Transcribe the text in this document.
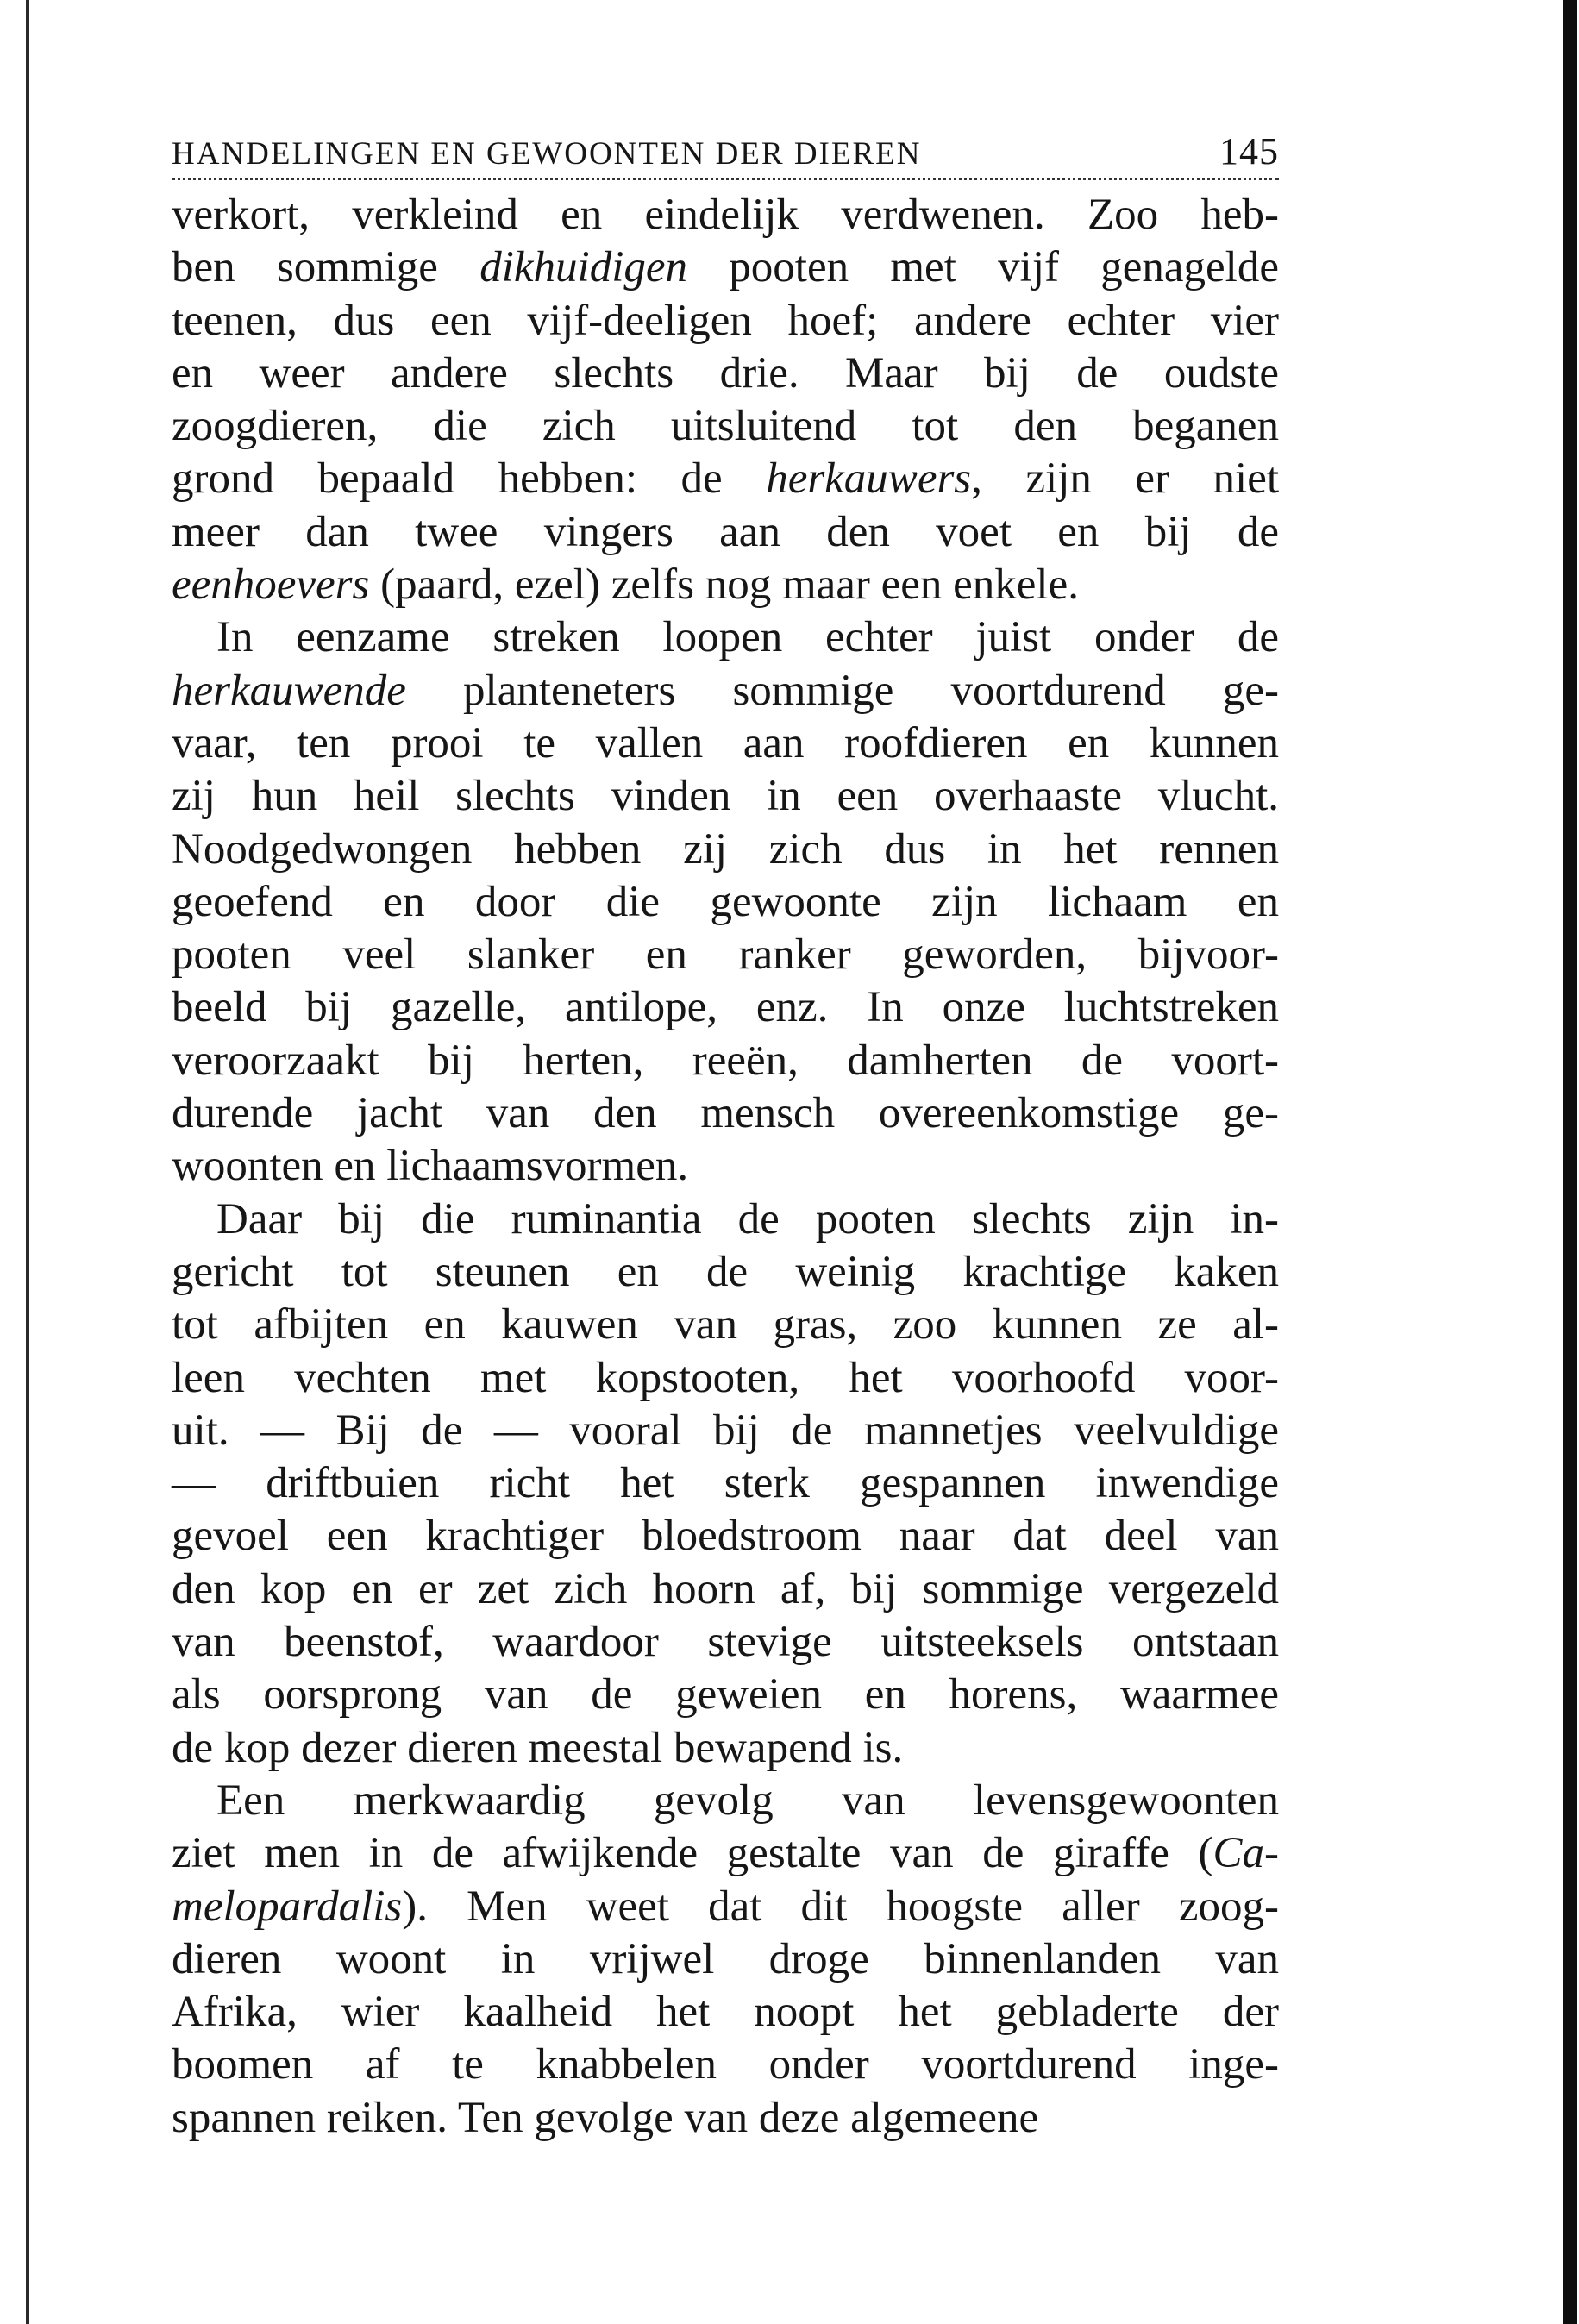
HANDELINGEN EN GEWOONTEN DER DIEREN	145
verkort, verkleind en eindelijk verdwenen. Zoo heb-
ben sommige dikhuidigen pooten met vijf genagelde
teenen, dus een vijf-deeligen hoef; andere echter vier
en weer andere slechts drie. Maar bij de oudste
zoogdieren, die zich uitsluitend tot den beganen
grond bepaald hebben: de herkauwers, zijn er niet
meer dan twee vingers aan den voet en bij de
eenhoevers (paard, ezel) zelfs nog maar een enkele.
In eenzame streken loopen echter juist onder de
herkauwende planteneters sommige voortdurend ge-
vaar, ten prooi te vallen aan roofdieren en kunnen
zij hun heil slechts vinden in een overhaaste vlucht.
Noodgedwongen hebben zij zich dus in het rennen
geoefend en door die gewoonte zijn lichaam en
pooten veel slanker en ranker geworden, bijvoor-
beeld bij gazelle, antilope, enz. In onze luchtstreken
veroorzaakt bij herten, reeën, damherten de voort-
durende jacht van den mensch overeenkomstige ge-
woonten en lichaamsvormen.
Daar bij die ruminantia de pooten slechts zijn in-
gericht tot steunen en de weinig krachtige kaken
tot afbijten en kauwen van gras, zoo kunnen ze al-
leen vechten met kopstooten, het voorhoofd voor-
uit. — Bij de — vooral bij de mannetjes veelvuldige
— driftbuien richt het sterk gespannen inwendige
gevoel een krachtiger bloedstroom naar dat deel van
den kop en er zet zich hoorn af, bij sommige vergezeld
van beenstof, waardoor stevige uitsteeksels ontstaan
als oorsprong van de geweien en horens, waarmee
de kop dezer dieren meestal bewapend is.
Een merkwaardig gevolg van levensgewoonten
ziet men in de afwijkende gestalte van de giraffe (Ca-
melopardalis). Men weet dat dit hoogste aller zoog-
dieren woont in vrijwel droge binnenlanden van
Afrika, wier kaalheid het noopt het gebladerte der
boomen af te knabbelen onder voortdurend inge-
spannen reiken. Ten gevolge van deze algemeene
